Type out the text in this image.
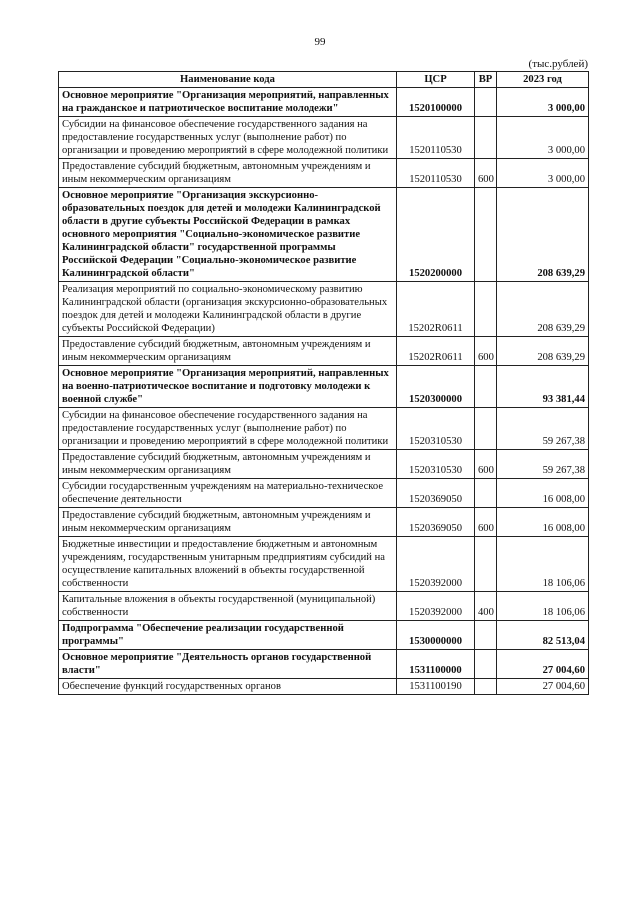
99
(тыс.рублей)
Наименование кода	ЦСР	ВР	2023 год
Основное мероприятие "Организация мероприятий, направленных на гражданское и патриотическое воспитание молодежи"	1520100000		3 000,00
Субсидии на финансовое обеспечение государственного задания на предоставление государственных услуг (выполнение работ) по организации и проведению мероприятий в сфере молодежной политики	1520110530		3 000,00
Предоставление субсидий бюджетным, автономным учреждениям и иным некоммерческим организациям	1520110530	600	3 000,00
Основное мероприятие "Организация экскурсионно-образовательных поездок для детей и молодежи Калининградской области в другие субъекты Российской Федерации в рамках основного мероприятия "Социально-экономическое развитие Калининградской области" государственной программы Российской Федерации "Социально-экономическое развитие Калининградской области"	1520200000		208 639,29
Реализация мероприятий по социально-экономическому развитию Калининградской области (организация экскурсионно-образовательных поездок для детей и молодежи Калининградской области в другие субъекты Российской Федерации)	15202R0611		208 639,29
Предоставление субсидий бюджетным, автономным учреждениям и иным некоммерческим организациям	15202R0611	600	208 639,29
Основное мероприятие "Организация мероприятий, направленных на военно-патриотическое воспитание и подготовку молодежи к военной службе"	1520300000		93 381,44
Субсидии на финансовое обеспечение государственного задания на предоставление государственных услуг (выполнение работ) по организации и проведению мероприятий в сфере молодежной политики	1520310530		59 267,38
Предоставление субсидий бюджетным, автономным учреждениям и иным некоммерческим организациям	1520310530	600	59 267,38
Субсидии государственным учреждениям на материально-техническое обеспечение деятельности	1520369050		16 008,00
Предоставление субсидий бюджетным, автономным учреждениям и иным некоммерческим организациям	1520369050	600	16 008,00
Бюджетные инвестиции и предоставление бюджетным и автономным учреждениям, государственным унитарным предприятиям субсидий на осуществление капитальных вложений в объекты государственной собственности	1520392000		18 106,06
Капитальные вложения в объекты государственной (муниципальной) собственности	1520392000	400	18 106,06
Подпрограмма "Обеспечение реализации государственной программы"	1530000000		82 513,04
Основное мероприятие "Деятельность органов государственной власти"	1531100000		27 004,60
Обеспечение функций государственных органов	1531100190		27 004,60
